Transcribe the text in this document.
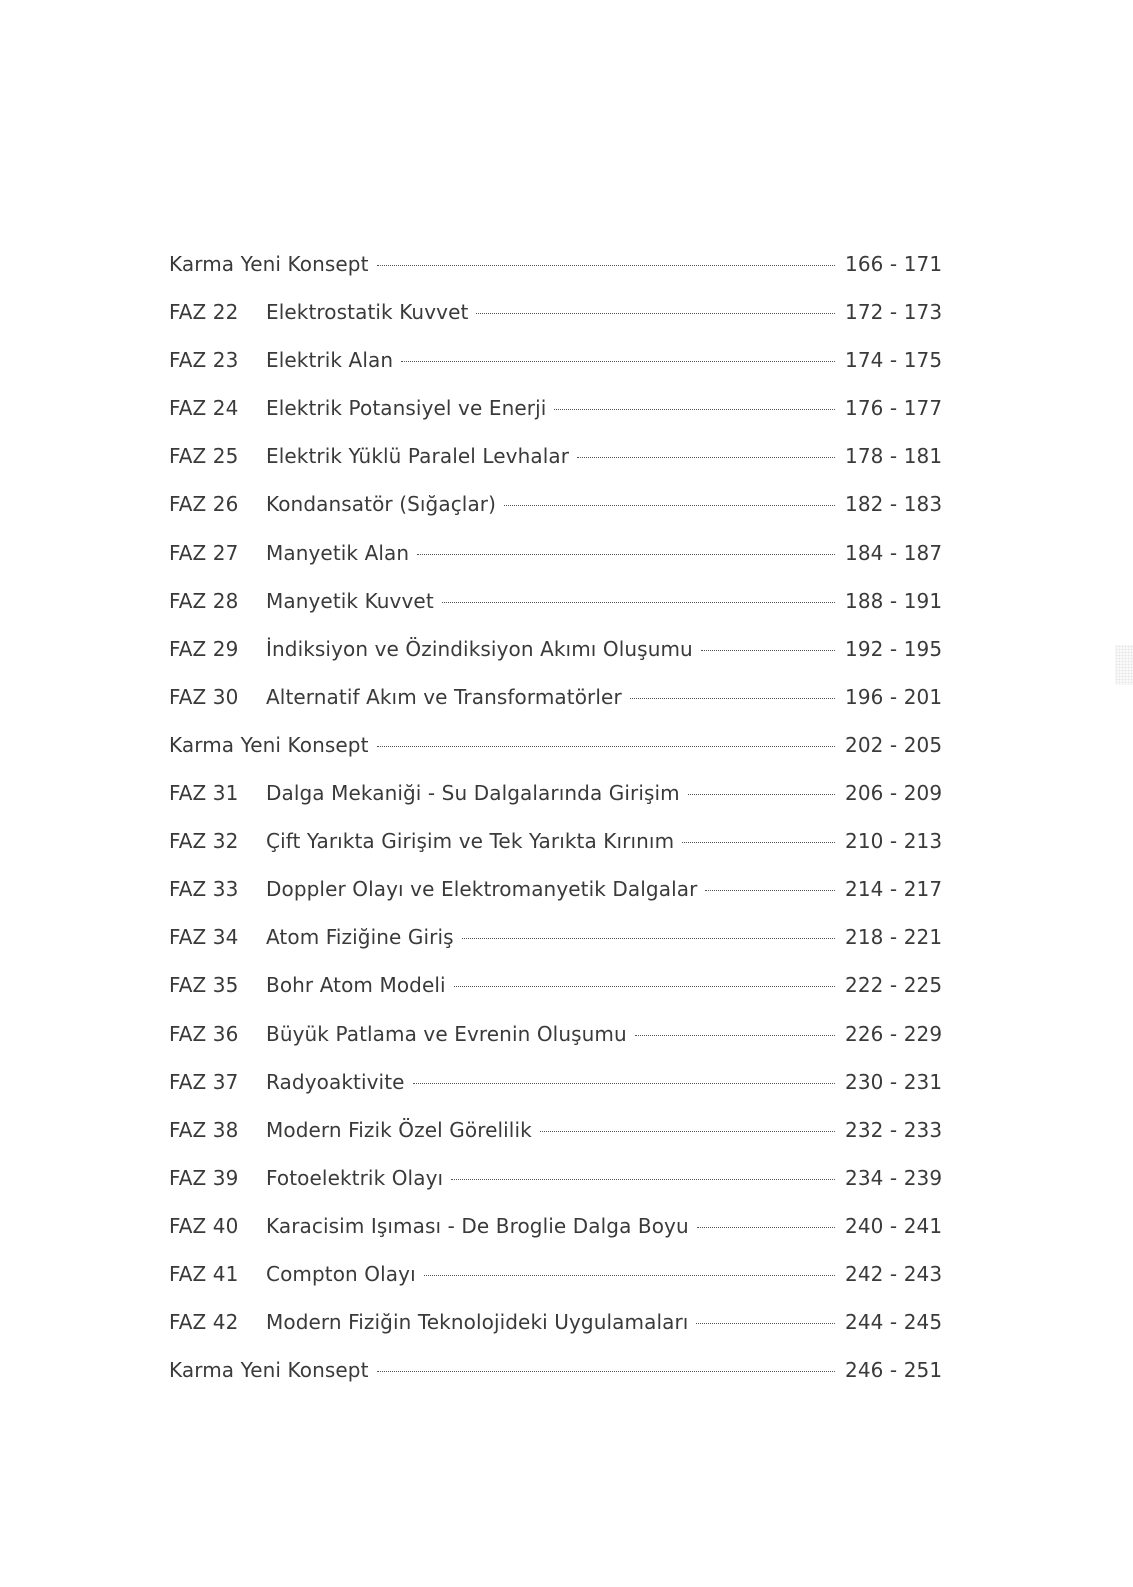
Karma Yeni Konsept	166 - 171
FAZ 22	Elektrostatik Kuvvet	172 - 173
FAZ 23	Elektrik Alan	174 - 175
FAZ 24	Elektrik Potansiyel ve Enerji	176 - 177
FAZ 25	Elektrik Yüklü Paralel Levhalar	178 - 181
FAZ 26	Kondansatör (Sığaçlar)	182 - 183
FAZ 27	Manyetik Alan	184 - 187
FAZ 28	Manyetik Kuvvet	188 - 191
FAZ 29	İndiksiyon ve Özindiksiyon Akımı Oluşumu	192 - 195
FAZ 30	Alternatif Akım ve Transformatörler	196 - 201
Karma Yeni Konsept	202 - 205
FAZ 31	Dalga Mekaniği - Su Dalgalarında Girişim	206 - 209
FAZ 32	Çift Yarıkta Girişim ve Tek Yarıkta Kırınım	210 - 213
FAZ 33	Doppler Olayı ve Elektromanyetik Dalgalar	214 - 217
FAZ 34	Atom Fiziğine Giriş	218 - 221
FAZ 35	Bohr Atom Modeli	222 - 225
FAZ 36	Büyük Patlama ve Evrenin Oluşumu	226 - 229
FAZ 37	Radyoaktivite	230 - 231
FAZ 38	Modern Fizik Özel Görelilik	232 - 233
FAZ 39	Fotoelektrik Olayı	234 - 239
FAZ 40	Karacisim Işıması - De Broglie Dalga Boyu	240 - 241
FAZ 41	Compton Olayı	242 - 243
FAZ 42	Modern Fiziğin Teknolojideki Uygulamaları	244 - 245
Karma Yeni Konsept	246 - 251
